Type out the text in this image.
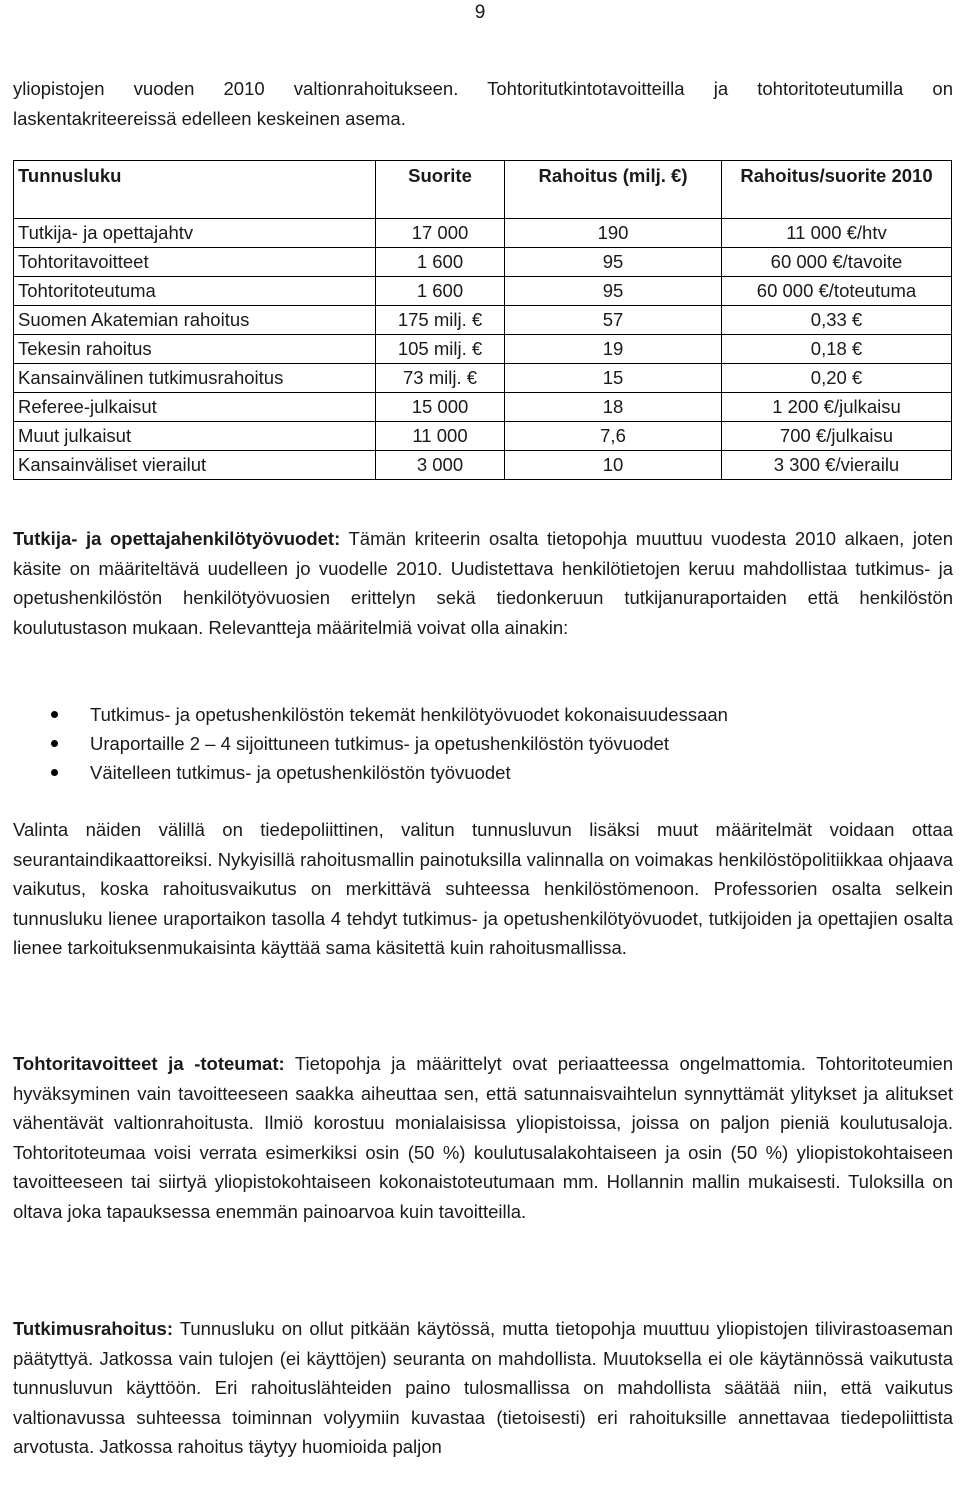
9

yliopistojen vuoden 2010 valtionrahoitukseen. Tohtoritutkintotavoitteilla ja tohtoritoteutumilla on laskentakriteereissä edelleen keskeinen asema.

Tunnusluku	Suorite	Rahoitus (milj. €)	Rahoitus/suorite 2010
Tutkija- ja opettajahtv	17 000	190	11 000 €/htv
Tohtoritavoitteet	1 600	95	60 000 €/tavoite
Tohtoritoteutuma	1 600	95	60 000 €/toteutuma
Suomen Akatemian rahoitus	175 milj. €	57	0,33 €
Tekesin rahoitus	105 milj. €	19	0,18 €
Kansainvälinen tutkimusrahoitus	73 milj. €	15	0,20 €
Referee-julkaisut	15 000	18	1 200 €/julkaisu
Muut julkaisut	11 000	7,6	700 €/julkaisu
Kansainväliset vierailut	3 000	10	3 300 €/vierailu

Tutkija- ja opettajahenkilötyövuodet: Tämän kriteerin osalta tietopohja muuttuu vuodesta 2010 alkaen, joten käsite on määriteltävä uudelleen jo vuodelle 2010. Uudistettava henkilötietojen keruu mahdollistaa tutkimus- ja opetushenkilöstön henkilötyövuosien erittelyn sekä tiedonkeruun tutkijanuraportaiden että henkilöstön koulutustason mukaan. Relevantteja määritelmiä voivat olla ainakin:

Tutkimus- ja opetushenkilöstön tekemät henkilötyövuodet kokonaisuudessaan
Uraportaille 2 – 4 sijoittuneen tutkimus- ja opetushenkilöstön työvuodet
Väitelleen tutkimus- ja opetushenkilöstön työvuodet

Valinta näiden välillä on tiedepoliittinen, valitun tunnusluvun lisäksi muut määritelmät voidaan ottaa seurantaindikaattoreiksi. Nykyisillä rahoitusmallin painotuksilla valinnalla on voimakas henkilöstöpolitiikkaa ohjaava vaikutus, koska rahoitusvaikutus on merkittävä suhteessa henkilöstömenoon. Professorien osalta selkein tunnusluku lienee uraportaikon tasolla 4 tehdyt tutkimus- ja opetushenkilötyövuodet, tutkijoiden ja opettajien osalta lienee tarkoituksenmukaisinta käyttää sama käsitettä kuin rahoitusmallissa.

Tohtoritavoitteet ja -toteumat: Tietopohja ja määrittelyt ovat periaatteessa ongelmattomia. Tohtoritoteumien hyväksyminen vain tavoitteeseen saakka aiheuttaa sen, että satunnaisvaihtelun synnyttämät ylitykset ja alitukset vähentävät valtionrahoitusta. Ilmiö korostuu monialaisissa yliopistoissa, joissa on paljon pieniä koulutusaloja. Tohtoritoteumaa voisi verrata esimerkiksi osin (50 %) koulutusalakohtaiseen ja osin (50 %) yliopistokohtaiseen tavoitteeseen tai siirtyä yliopistokohtaiseen kokonaistoteutumaan mm. Hollannin mallin mukaisesti. Tuloksilla on oltava joka tapauksessa enemmän painoarvoa kuin tavoitteilla.

Tutkimusrahoitus: Tunnusluku on ollut pitkään käytössä, mutta tietopohja muuttuu yliopistojen tilivirastoaseman päätyttyä. Jatkossa vain tulojen (ei käyttöjen) seuranta on mahdollista. Muutoksella ei ole käytännössä vaikutusta tunnusluvun käyttöön. Eri rahoituslähteiden paino tulosmallissa on mahdollista säätää niin, että vaikutus valtionavussa suhteessa toiminnan volyymiin kuvastaa (tietoisesti) eri rahoituksille annettavaa tiedepoliittista arvotusta. Jatkossa rahoitus täytyy huomioida paljon
